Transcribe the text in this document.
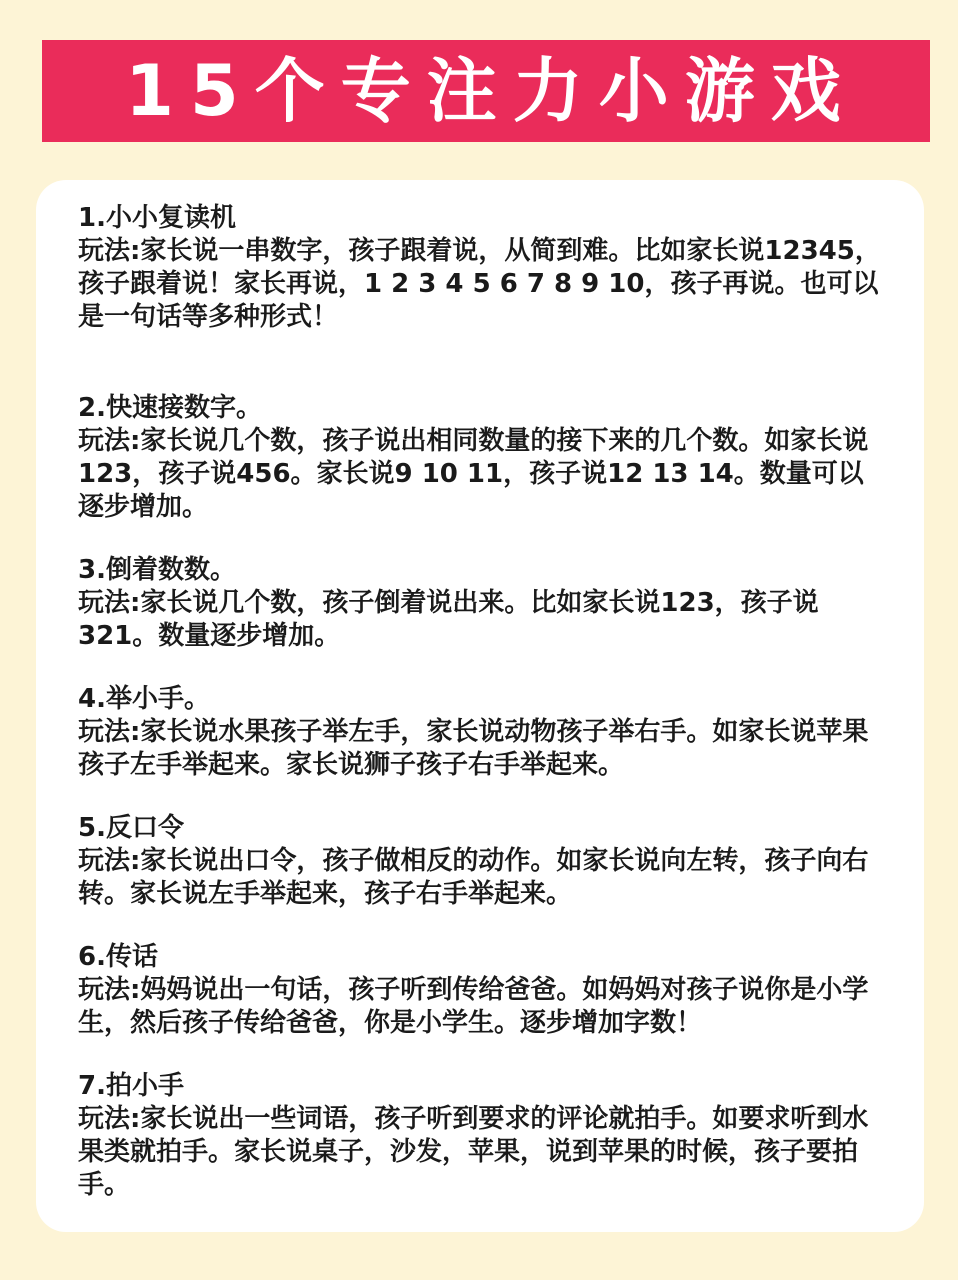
15个专注力小游戏

1.小小复读机

玩法:家长说一串数字，孩子跟着说，从简到难。比如家长说12345，孩子跟着说！家长再说，1 2 3 4 5 6 7 8 9 10，孩子再说。也可以是一句话等多种形式！

2.快速接数字。

玩法:家长说几个数，孩子说出相同数量的接下来的几个数。如家长说123，孩子说456。家长说9 10 11，孩子说12 13 14。数量可以逐步增加。

3.倒着数数。

玩法:家长说几个数，孩子倒着说出来。比如家长说123，孩子说321。数量逐步增加。

4.举小手。

玩法:家长说水果孩子举左手，家长说动物孩子举右手。如家长说苹果孩子左手举起来。家长说狮子孩子右手举起来。

5.反口令

玩法:家长说出口令，孩子做相反的动作。如家长说向左转，孩子向右转。家长说左手举起来，孩子右手举起来。

6.传话

玩法:妈妈说出一句话，孩子听到传给爸爸。如妈妈对孩子说你是小学生，然后孩子传给爸爸，你是小学生。逐步增加字数！

7.拍小手

玩法:家长说出一些词语，孩子听到要求的评论就拍手。如要求听到水果类就拍手。家长说桌子，沙发，苹果，说到苹果的时候，孩子要拍手。
